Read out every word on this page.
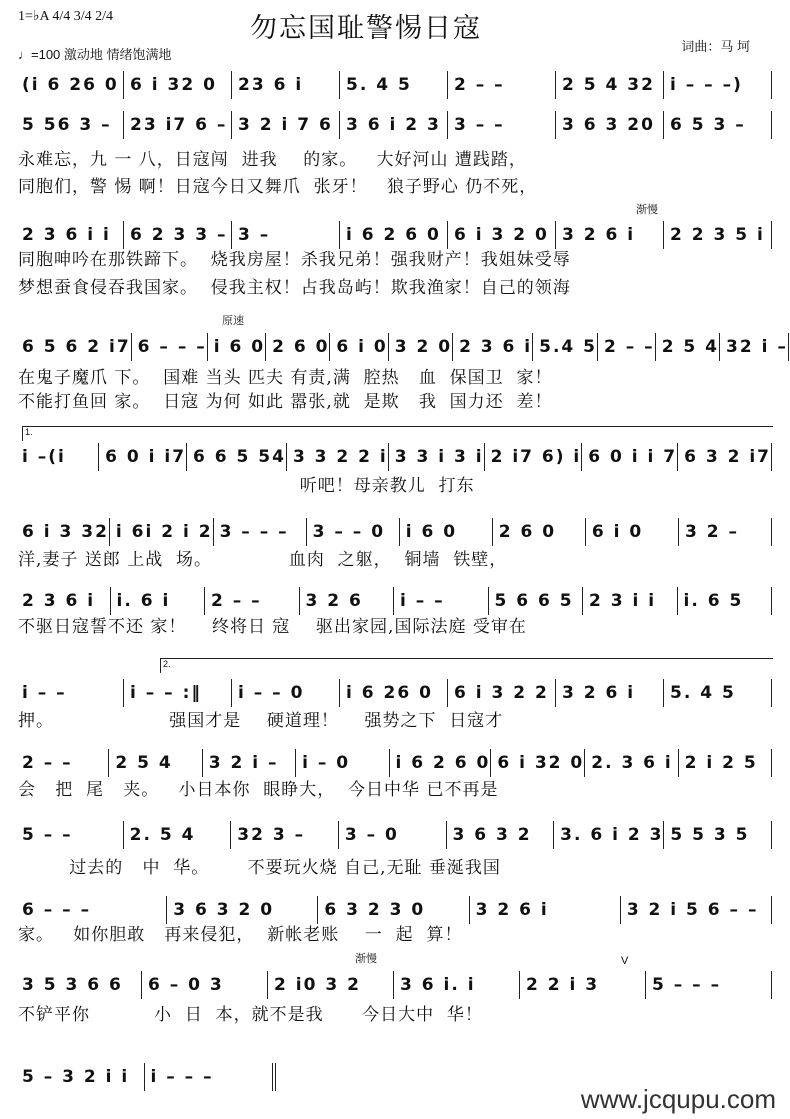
1=♭A 4/4 3/4 2/4	勿忘国耻警惕日寇
♩=100 激动地 情绪饱满地
词曲：马 坷
渐慢
原速
1.
2.
渐慢	V
(i 6 26 0 6 i 32 0	23 6 i	5. 4 5	2 – –	2 5 4 32 i – – –)
5 56 3 –	23 i7 6 – 3 2 i 7 6 3 6 i 2 3 3 – –	3 6 3 20 6 5 3 –
永难忘，九 一 八，日寇闯  进我    的家。   大好河山 遭践踏，
同胞们，警 惕 啊！日寇今日又舞爪  张牙！   狼子野心 仍不死，
2 3 6 i i	6 2 3 3 – 3 –	i 6 2 6 0 6 i 3 2 0 3 2 6 i	2 2 3 5 i
同胞呻吟在那铁蹄下。  烧我房屋！杀我兄弟！强我财产！我姐妹受辱
梦想蚕食侵吞我国家。  侵我主权！占我岛屿！欺我渔家！自己的领海
6 5 6 2 i7 6 – – – i 6 0 2 6 0 6 i 0 3 2 0 2 3 6 i 5.4 5 2 – – 2 5 4 32 i –
在鬼子魔爪 下。  国难 当头 匹夫 有责,满  腔热   血  保国卫  家！
不能打鱼回 家。  日寇 为何 如此 嚣张,就  是欺   我  国力还  差！
i –(i	6 0 i i7 6 6 5 54 3 3 2 2 i 3 3 i 3 i 2 i7 6) i 6 0 i i 7 6 3 2 i7
听吧！母亲教儿  打东
6 i 3 32 i 6i 2 i 2 3 – – –	3 – – 0	i 6 0	2 6 0	6 i 0	3 2 –
洋,妻子 送郎 上战  场。            血肉  之躯，  铜墙  铁壁，
2 3 6 i	i. 6 i	2 – –	3 2 6	i – –	5 6 6 5 2 3 i i	i. 6 5
不驱日寇誓不还 家！    终将日 寇    驱出家园,国际法庭 受审在
i – –	i – – :‖	i – – 0	i 6 26 0	6 i 3 2 2 3 2 6 i	5. 4 5
押。                  强国才是    硬道理！    强势之下  日寇才
2 – –	2 5 4	3 2 i –	i – 0	i 6 2 6 0 6 i 32 0 2. 3 6 i 2 i 2 5
会   把  尾   夹。   小日本你  眼睁大，  今日中华 已不再是
5 – –	2. 5 4	32 3 –	3 – 0	3 6 3 2	3. 6 i 2 3 5 5 3 5
过去的   中  华。      不要玩火烧 自己,无耻 垂涎我国
6 – – –	3 6 3 2 0	6 3 2 3 0	3 2 6 i	3 2 i 5 6 – –
家。   如你胆敢   再来侵犯，  新帐老账    一  起  算！
3 5 3 6 6	6 – 0 3	2 i0 3 2	3 6 i. i	2 2 i 3	5 – – –
不铲平你          小  日  本，就不是我      今日大中  华！
5 – 3 2 i i	i – – –
www.jcqupu.com
